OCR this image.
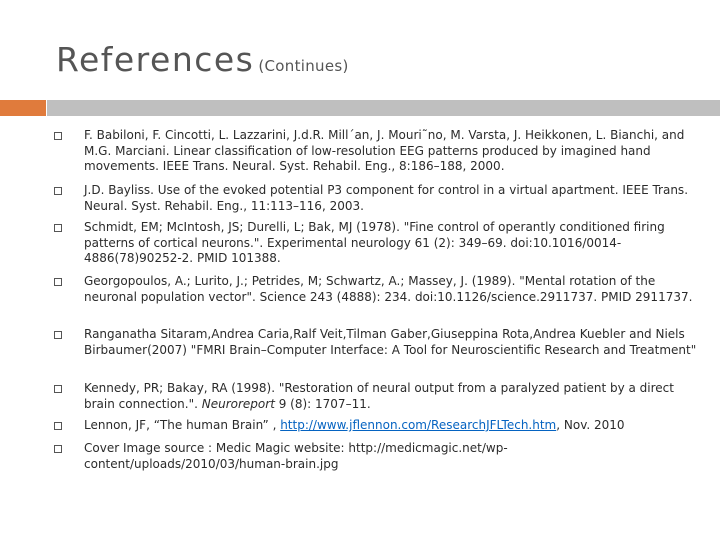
References (Continues)
F. Babiloni, F. Cincotti, L. Lazzarini, J.d.R. Mill´an, J. Mouri˜no, M. Varsta, J. Heikkonen, L. Bianchi, and M.G. Marciani. Linear classification of low-resolution EEG patterns produced by imagined hand movements. IEEE Trans. Neural. Syst. Rehabil. Eng., 8:186–188, 2000.
J.D. Bayliss. Use of the evoked potential P3 component for control in a virtual apartment. IEEE Trans. Neural. Syst. Rehabil. Eng., 11:113–116, 2003.
Schmidt, EM; McIntosh, JS; Durelli, L; Bak, MJ (1978). "Fine control of operantly conditioned firing patterns of cortical neurons.". Experimental neurology 61 (2): 349–69. doi:10.1016/0014-4886(78)90252-2. PMID 101388.
Georgopoulos, A.; Lurito, J.; Petrides, M; Schwartz, A.; Massey, J. (1989). "Mental rotation of the neuronal population vector". Science 243 (4888): 234. doi:10.1126/science.2911737. PMID 2911737.
Ranganatha Sitaram,Andrea Caria,Ralf Veit,Tilman Gaber,Giuseppina Rota,Andrea Kuebler and Niels Birbaumer(2007) "FMRI Brain–Computer Interface: A Tool for Neuroscientific Research and Treatment"
Kennedy, PR; Bakay, RA (1998). "Restoration of neural output from a paralyzed patient by a direct brain connection.". Neuroreport 9 (8): 1707–11.
Lennon, JF, “The human Brain” , http://www.jflennon.com/ResearchJFLTech.htm, Nov. 2010
Cover Image source : Medic Magic website: http://medicmagic.net/wp-content/uploads/2010/03/human-brain.jpg
